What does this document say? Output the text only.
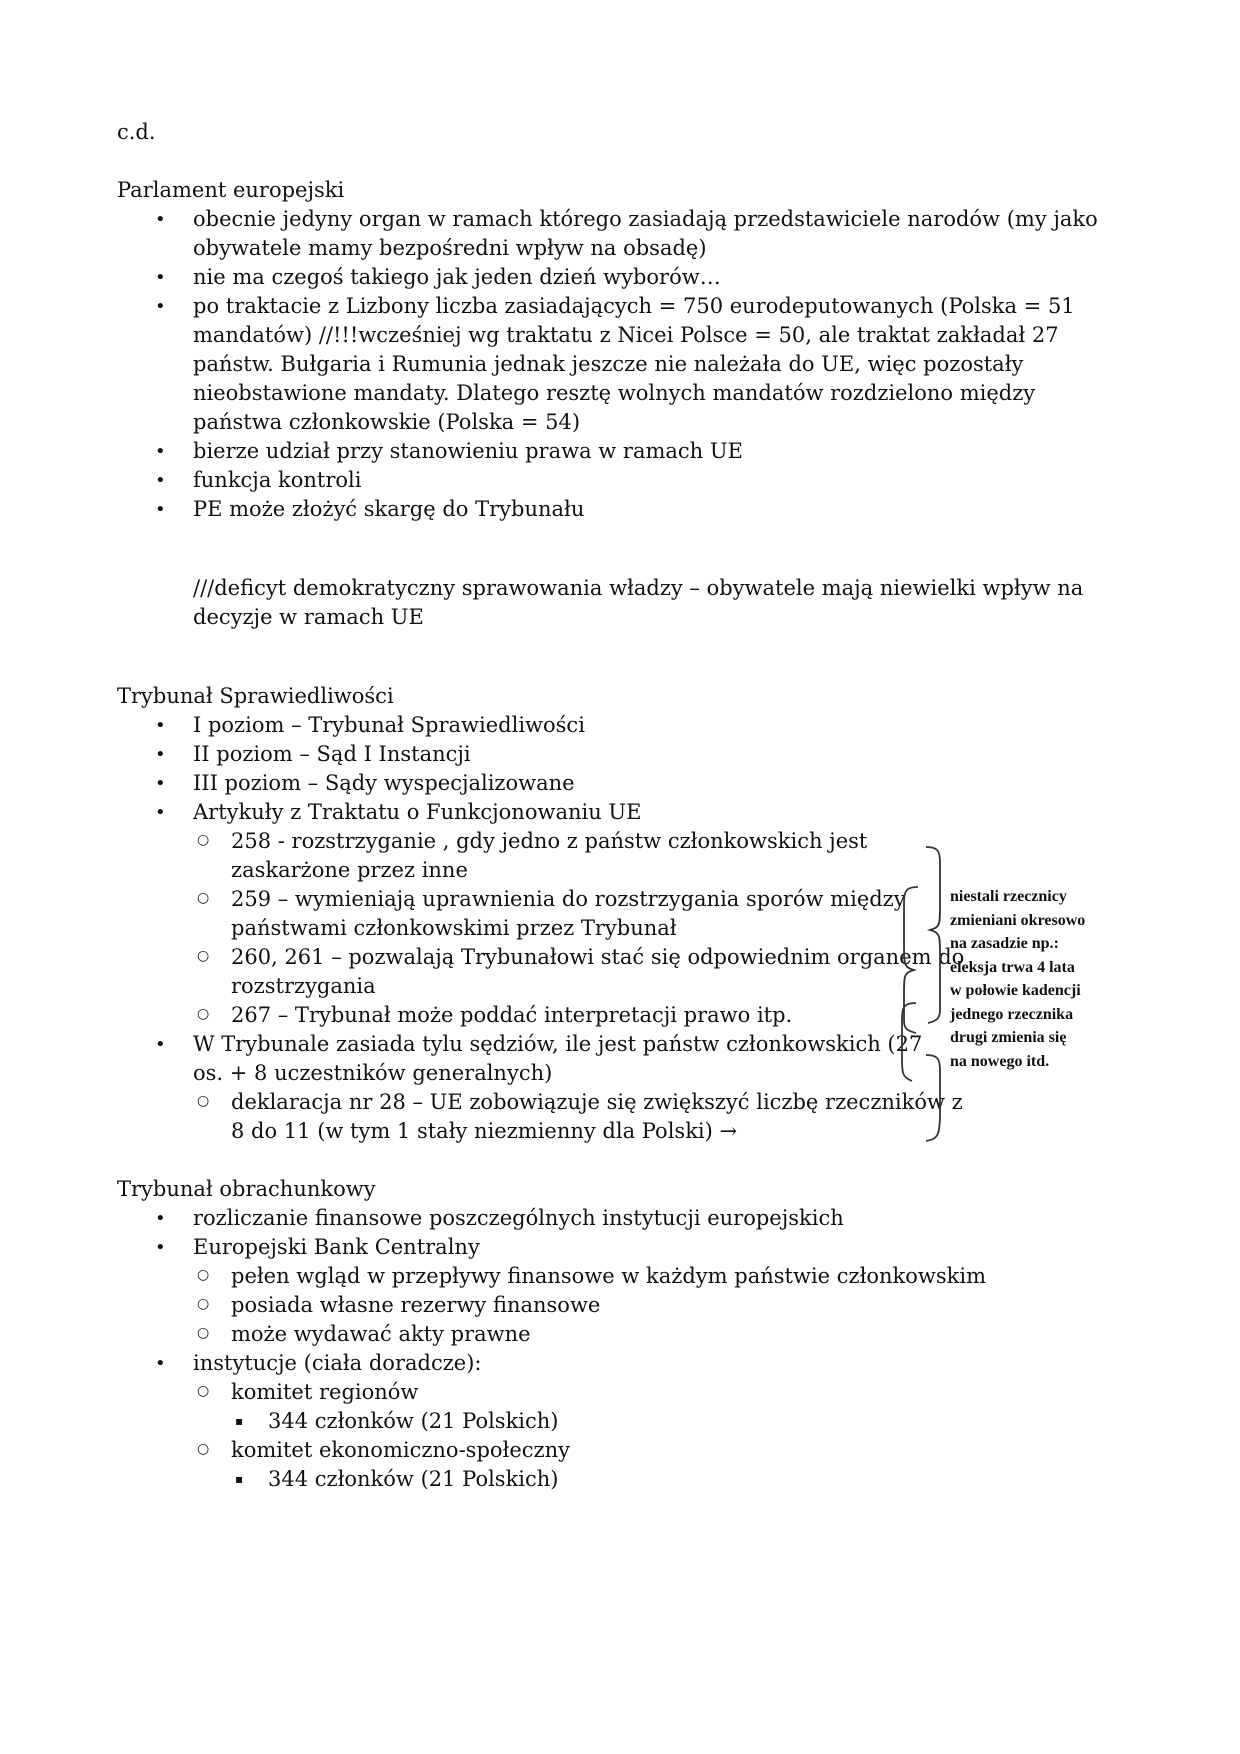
c.d.

Parlament europejski

• obecnie jedyny organ w ramach którego zasiadają przedstawiciele narodów (my jako obywatele mamy bezpośredni wpływ na obsadę)
• nie ma czegoś takiego jak jeden dzień wyborów…
• po traktacie z Lizbony liczba zasiadających = 750 eurodeputowanych (Polska = 51 mandatów) //!!!wcześniej wg traktatu z Nicei Polsce = 50, ale traktat zakładał 27 państw. Bułgaria i Rumunia jednak jeszcze nie należała do UE, więc pozostały nieobstawione mandaty. Dlatego resztę wolnych mandatów rozdzielono między państwa członkowskie (Polska = 54)
• bierze udział przy stanowieniu prawa w ramach UE
• funkcja kontroli
• PE może złożyć skargę do Trybunału

///deficyt demokratyczny sprawowania władzy – obywatele mają niewielki wpływ na decyzje w ramach UE

Trybunał Sprawiedliwości

• I poziom – Trybunał Sprawiedliwości
• II poziom – Sąd I Instancji
• III poziom – Sądy wyspecjalizowane
• Artykuły z Traktatu o Funkcjonowaniu UE
○ 258 - rozstrzyganie , gdy jedno z państw członkowskich jest zaskarżone przez inne
○ 259 – wymieniają uprawnienia do rozstrzygania sporów między państwami członkowskimi przez Trybunał
○ 260, 261 – pozwalają Trybunałowi stać się odpowiednim organem do rozstrzygania
○ 267 – Trybunał może poddać interpretacji prawo itp.
• W Trybunale zasiada tylu sędziów, ile jest państw członkowskich (27 os. + 8 uczestników generalnych)
○ deklaracja nr 28 – UE zobowiązuje się zwiększyć liczbę rzeczników z 8 do 11 (w tym 1 stały niezmienny dla Polski) →

Trybunał obrachunkowy

• rozliczanie finansowe poszczególnych instytucji europejskich
• Europejski Bank Centralny
○ pełen wgląd w przepływy finansowe w każdym państwie członkowskim
○ posiada własne rezerwy finansowe
○ może wydawać akty prawne
• instytucje (ciała doradcze):
○ komitet regionów
▪ 344 członków (21 Polskich)
○ komitet ekonomiczno-społeczny
▪ 344 członków (21 Polskich)
niestali rzecznicy
zmieniani okresowo
na zasadzie np.:
eleksja trwa 4 lata
w połowie kadencji
jednego rzecznika
drugi zmienia się
na nowego itd.
